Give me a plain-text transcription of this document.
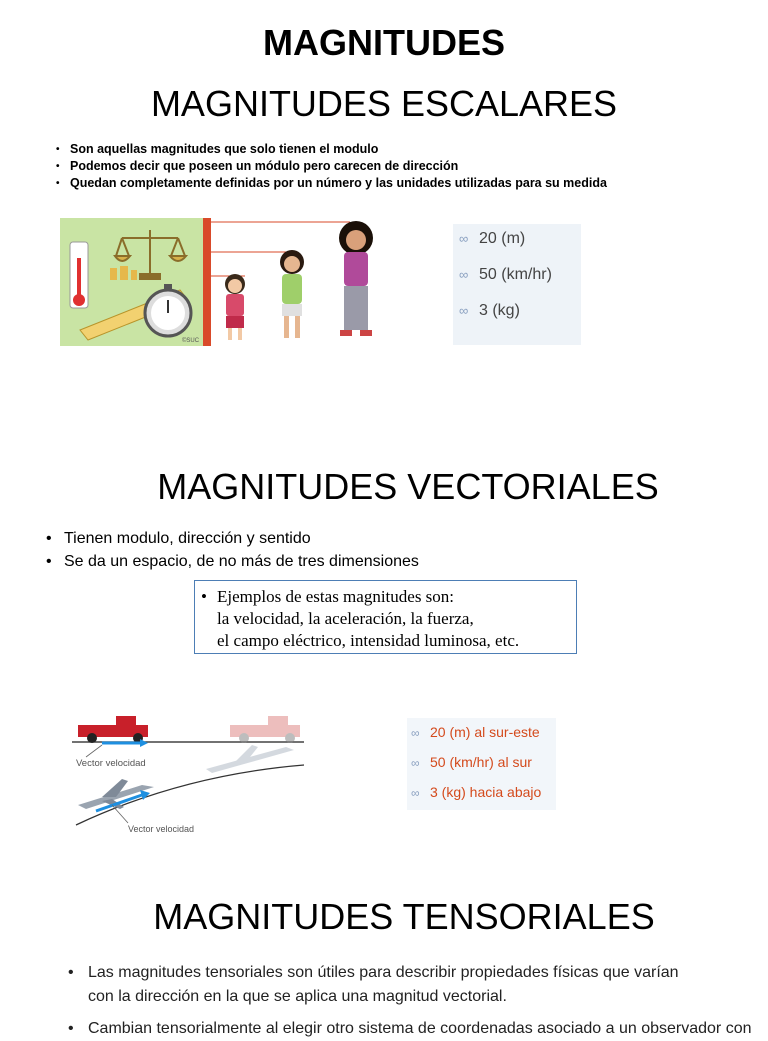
MAGNITUDES
MAGNITUDES ESCALARES
• Son aquellas magnitudes que solo tienen el modulo
• Podemos decir que poseen un módulo pero carecen de dirección
• Quedan completamente definidas por un número y las unidades utilizadas para su medida
©SUC
∞ 20 (m)
∞ 50 (km/hr)
∞ 3 (kg)
MAGNITUDES VECTORIALES
• Tienen modulo, dirección y sentido
• Se da un espacio, de no más de tres dimensiones
• Ejemplos de estas magnitudes son:
la velocidad, la aceleración, la fuerza,
el campo eléctrico, intensidad luminosa, etc.
Vector velocidad
Vector velocidad
∞ 20 (m) al sur-este
∞ 50 (km/hr) al sur
∞ 3 (kg) hacia abajo
MAGNITUDES TENSORIALES
• Las magnitudes tensoriales son útiles para describir propiedades físicas que varían con la dirección en la que se aplica una magnitud vectorial.
• Cambian tensorialmente al elegir otro sistema de coordenadas asociado a un observador con
